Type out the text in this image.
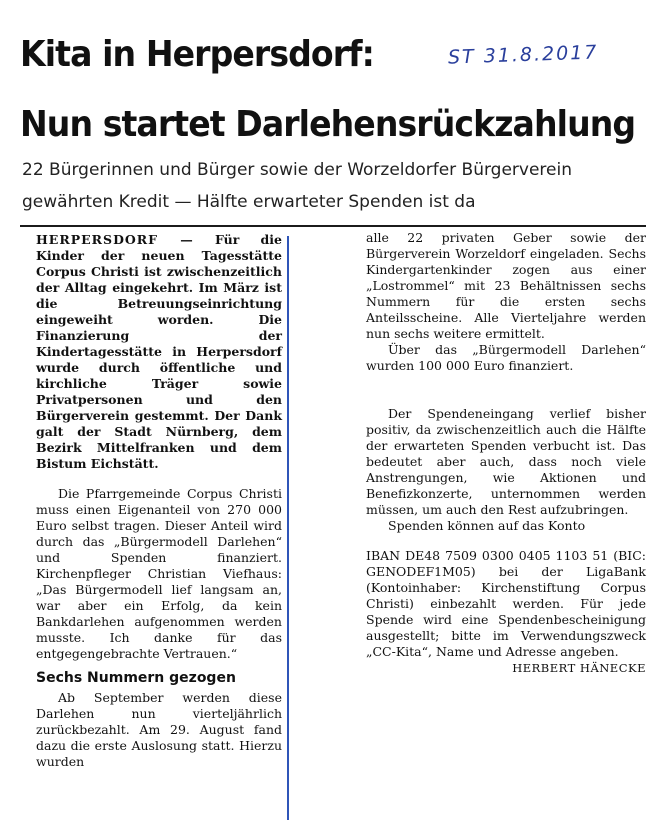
Kita in Herpersdorf:
Nun startet Darlehensrückzahlung
ST 31.8.2017
22 Bürgerinnen und Bürger sowie der Worzeldorfer Bürgerverein
gewährten Kredit — Hälfte erwarteter Spenden ist da

HERPERSDORF — Für die Kinder der neuen Tagesstätte Corpus Christi ist zwischenzeitlich der Alltag eingekehrt. Im März ist die Betreuungseinrichtung eingeweiht worden. Die Finanzierung der Kindertagesstätte in Herpersdorf wurde durch öffentliche und kirchliche Träger sowie Privatpersonen und den Bürgerverein gestemmt. Der Dank galt der Stadt Nürnberg, dem Bezirk Mittelfranken und dem Bistum Eichstätt.

Die Pfarrgemeinde Corpus Christi muss einen Eigenanteil von 270 000 Euro selbst tragen. Dieser Anteil wird durch das „Bürgermodell Darlehen“ und Spenden finanziert. Kirchenpfleger Christian Viefhaus: „Das Bürgermodell lief langsam an, war aber ein Erfolg, da kein Bankdarlehen aufgenommen werden musste. Ich danke für das entgegengebrachte Vertrauen.“

Sechs Nummern gezogen

Ab September werden diese Darlehen nun vierteljährlich zurückbezahlt. Am 29. August fand dazu die erste Auslosung statt. Hierzu wurden

alle 22 privaten Geber sowie der Bürgerverein Worzeldorf eingeladen. Sechs Kindergartenkinder zogen aus einer „Lostrommel“ mit 23 Behältnissen sechs Nummern für die ersten sechs Anteilsscheine. Alle Vierteljahre werden nun sechs weitere ermittelt.

Über das „Bürgermodell Darlehen“ wurden 100 000 Euro finanziert.

Der Spendeneingang verlief bisher positiv, da zwischenzeitlich auch die Hälfte der erwarteten Spenden verbucht ist. Das bedeutet aber auch, dass noch viele Anstrengungen, wie Aktionen und Benefizkonzerte, unternommen werden müssen, um auch den Rest aufzubringen.

Spenden können auf das Konto

IBAN DE48 7509 0300 0405 1103 51 (BIC: GENODEF1M05) bei der LigaBank (Kontoinhaber: Kirchenstiftung Corpus Christi) einbezahlt werden. Für jede Spende wird eine Spendenbescheinigung ausgestellt; bitte im Verwendungszweck „CC-Kita“, Name und Adresse angeben.

HERBERT HÄNECKE
